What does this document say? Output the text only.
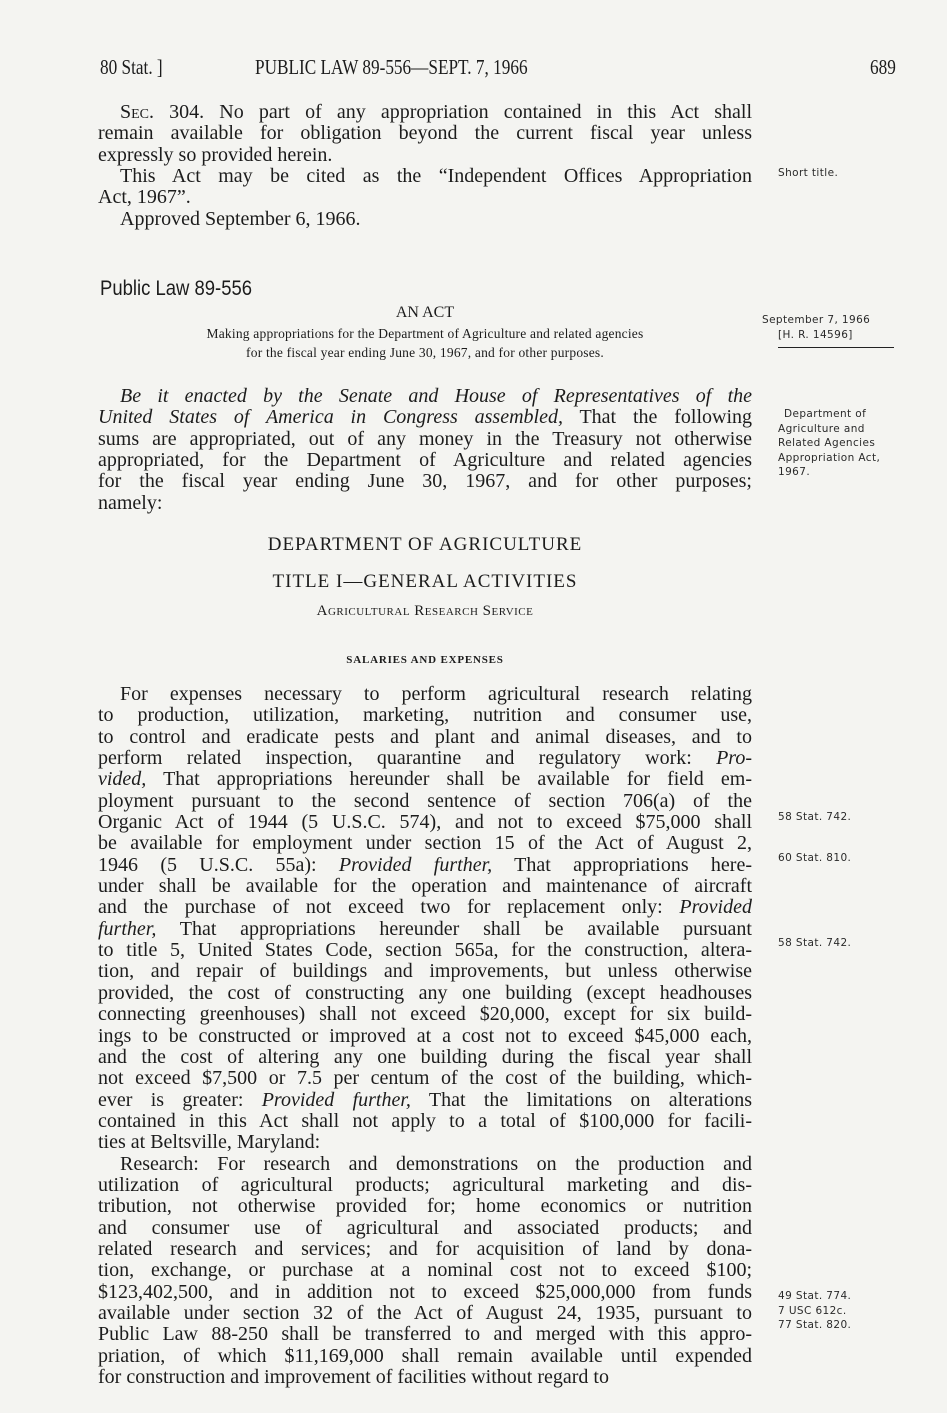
80 Stat. ]	PUBLIC LAW 89-556—SEPT. 7, 1966	689
Sec. 304. No part of any appropriation contained in this Act shall
remain available for obligation beyond the current fiscal year unless
expressly so provided herein.
This Act may be cited as the “Independent Offices Appropriation
Act, 1967”.
Approved September 6, 1966.
Public Law 89-556
AN ACT
Making appropriations for the Department of Agriculture and related agencies
for the fiscal year ending June 30, 1967, and for other purposes.
Be it enacted by the Senate and House of Representatives of the
United States of America in Congress assembled, That the following
sums are appropriated, out of any money in the Treasury not otherwise
appropriated, for the Department of Agriculture and related agencies
for the fiscal year ending June 30, 1967, and for other purposes;
namely:
DEPARTMENT OF AGRICULTURE
TITLE I—GENERAL ACTIVITIES
Agricultural Research Service
SALARIES AND EXPENSES
For expenses necessary to perform agricultural research relating
to production, utilization, marketing, nutrition and consumer use,
to control and eradicate pests and plant and animal diseases, and to
perform related inspection, quarantine and regulatory work: Pro-
vided, That appropriations hereunder shall be available for field em-
ployment pursuant to the second sentence of section 706(a) of the
Organic Act of 1944 (5 U.S.C. 574), and not to exceed $75,000 shall
be available for employment under section 15 of the Act of August 2,
1946 (5 U.S.C. 55a): Provided further, That appropriations here-
under shall be available for the operation and maintenance of aircraft
and the purchase of not exceed two for replacement only: Provided
further, That appropriations hereunder shall be available pursuant
to title 5, United States Code, section 565a, for the construction, altera-
tion, and repair of buildings and improvements, but unless otherwise
provided, the cost of constructing any one building (except headhouses
connecting greenhouses) shall not exceed $20,000, except for six build-
ings to be constructed or improved at a cost not to exceed $45,000 each,
and the cost of altering any one building during the fiscal year shall
not exceed $7,500 or 7.5 per centum of the cost of the building, which-
ever is greater: Provided further, That the limitations on alterations
contained in this Act shall not apply to a total of $100,000 for facili-
ties at Beltsville, Maryland:
Research: For research and demonstrations on the production and
utilization of agricultural products; agricultural marketing and dis-
tribution, not otherwise provided for; home economics or nutrition
and consumer use of agricultural and associated products; and
related research and services; and for acquisition of land by dona-
tion, exchange, or purchase at a nominal cost not to exceed $100;
$123,402,500, and in addition not to exceed $25,000,000 from funds
available under section 32 of the Act of August 24, 1935, pursuant to
Public Law 88-250 shall be transferred to and merged with this appro-
priation, of which $11,169,000 shall remain available until expended
for construction and improvement of facilities without regard to
Short title.
September 7, 1966
[H. R. 14596]
Department of
Agriculture and
Related Agencies
Appropriation Act,
1967.
58 Stat. 742.
60 Stat. 810.
58 Stat. 742.
49 Stat. 774.
7 USC 612c.
77 Stat. 820.
